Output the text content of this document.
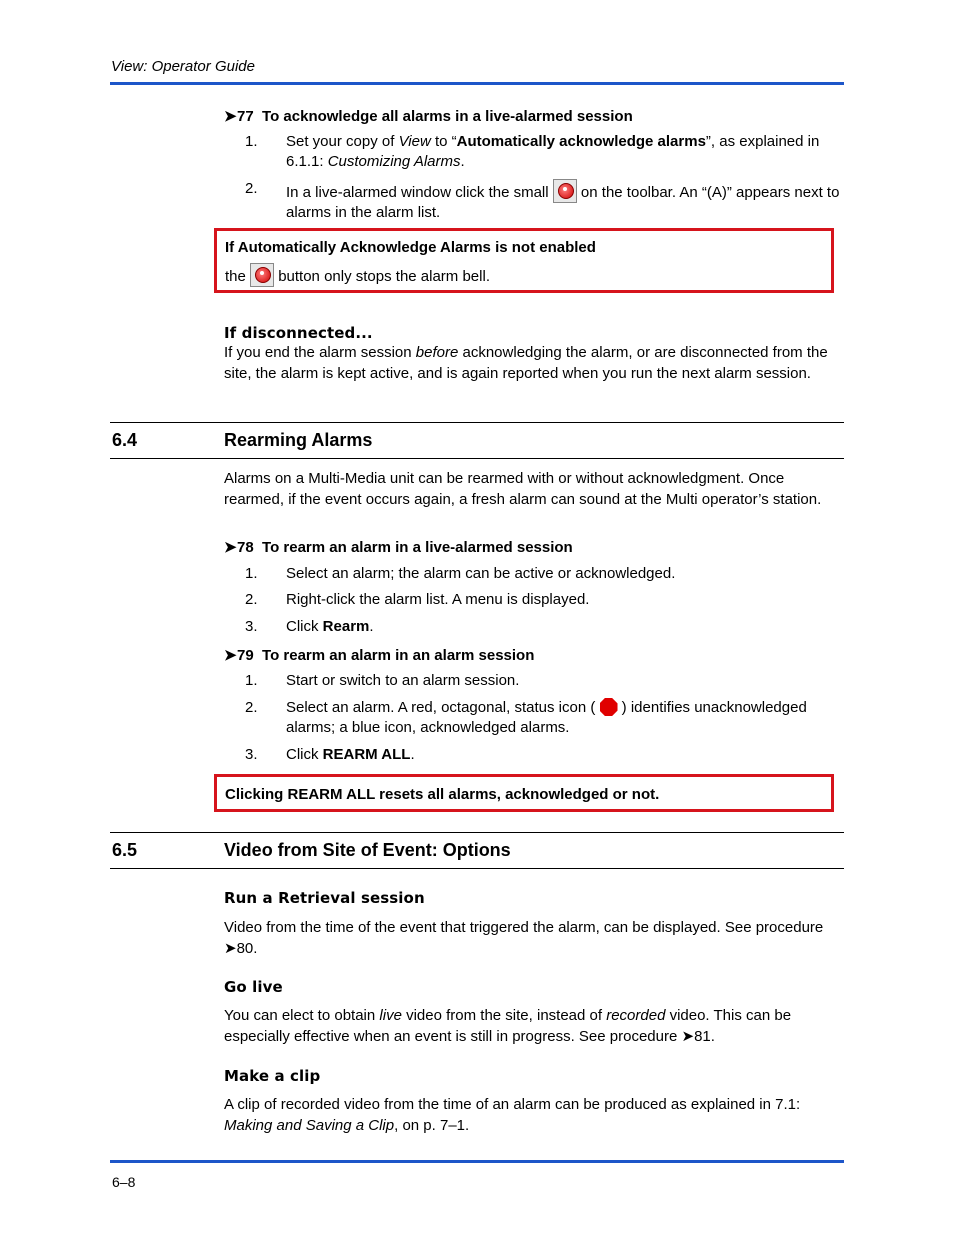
View: Operator Guide
➤77 To acknowledge all alarms in a live-alarmed session
1. Set your copy of View to “Automatically acknowledge alarms”, as explained in 6.1.1: Customizing Alarms.
2. In a live-alarmed window click the small  on the toolbar. An “(A)” appears next to alarms in the alarm list.
If Automatically Acknowledge Alarms is not enabled
the  button only stops the alarm bell.
If disconnected...
If you end the alarm session before acknowledging the alarm, or are disconnected from the site, the alarm is kept active, and is again reported when you run the next alarm session.
6.4	Rearming Alarms
Alarms on a Multi-Media unit can be rearmed with or without acknowledgment. Once rearmed, if the event occurs again, a fresh alarm can sound at the Multi operator’s station.
➤78 To rearm an alarm in a live-alarmed session
1. Select an alarm; the alarm can be active or acknowledged.
2. Right-click the alarm list. A menu is displayed.
3. Click Rearm.
➤79 To rearm an alarm in an alarm session
1. Start or switch to an alarm session.
2. Select an alarm. A red, octagonal, status icon (  ) identifies unacknowledged alarms; a blue icon, acknowledged alarms.
3. Click REARM ALL.
Clicking REARM ALL resets all alarms, acknowledged or not.
6.5	Video from Site of Event: Options
Run a Retrieval session
Video from the time of the event that triggered the alarm, can be displayed. See procedure ➤80.
Go live
You can elect to obtain live video from the site, instead of recorded video. This can be especially effective when an event is still in progress. See procedure ➤81.
Make a clip
A clip of recorded video from the time of an alarm can be produced as explained in 7.1: Making and Saving a Clip, on p. 7–1.
6–8
